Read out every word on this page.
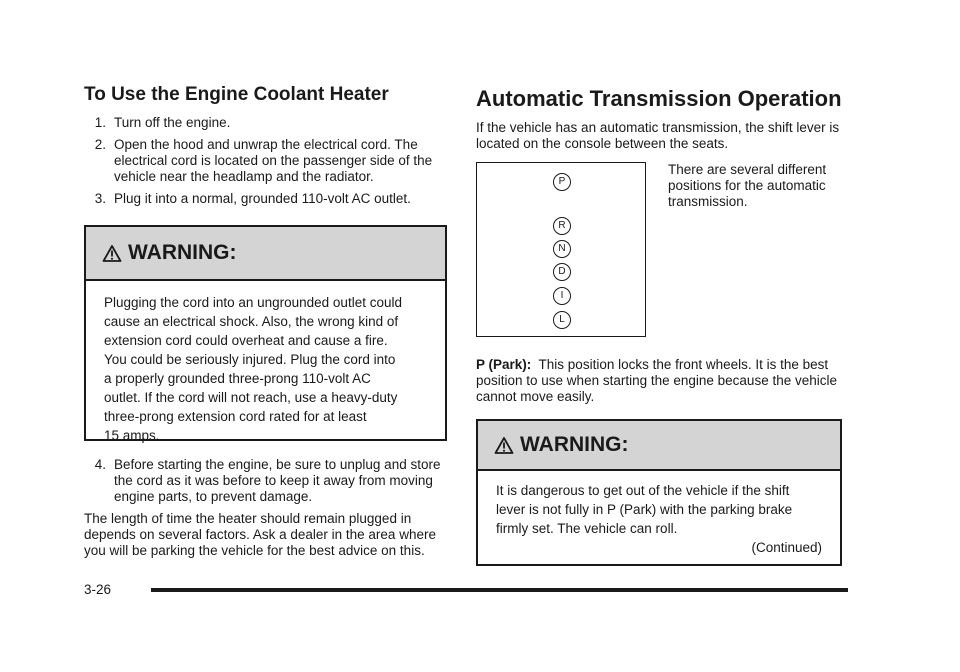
To Use the Engine Coolant Heater
1. Turn off the engine.
2. Open the hood and unwrap the electrical cord. The electrical cord is located on the passenger side of the vehicle near the headlamp and the radiator.
3. Plug it into a normal, grounded 110-volt AC outlet.
WARNING:
Plugging the cord into an ungrounded outlet could
cause an electrical shock. Also, the wrong kind of
extension cord could overheat and cause a fire.
You could be seriously injured. Plug the cord into
a properly grounded three-prong 110-volt AC
outlet. If the cord will not reach, use a heavy-duty
three-prong extension cord rated for at least
15 amps.
4. Before starting the engine, be sure to unplug and store the cord as it was before to keep it away from moving engine parts, to prevent damage.

The length of time the heater should remain plugged in depends on several factors. Ask a dealer in the area where you will be parking the vehicle for the best advice on this.

Automatic Transmission Operation

If the vehicle has an automatic transmission, the shift lever is located on the console between the seats.

P
R
N
D
I
L
There are several different positions for the automatic transmission.

P (Park): This position locks the front wheels. It is the best position to use when starting the engine because the vehicle cannot move easily.

WARNING:
It is dangerous to get out of the vehicle if the shift
lever is not fully in P (Park) with the parking brake
firmly set. The vehicle can roll.
(Continued)
3-26
